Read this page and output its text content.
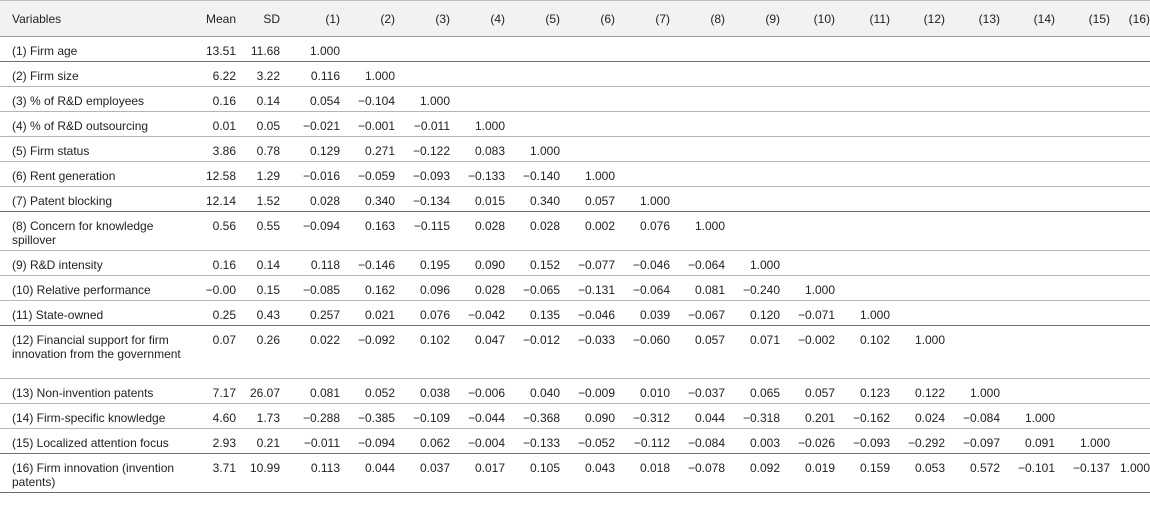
Variables	Mean	SD	(1)	(2)	(3)	(4)	(5)	(6)	(7)	(8)	(9)	(10)	(11)	(12)	(13)	(14)	(15)	(16)
(1) Firm age	13.51	11.68	1.000															
(2) Firm size	6.22	3.22	0.116	1.000														
(3) % of R&D employees	0.16	0.14	0.054	−0.104	1.000													
(4) % of R&D outsourcing	0.01	0.05	−0.021	−0.001	−0.011	1.000												
(5) Firm status	3.86	0.78	0.129	0.271	−0.122	0.083	1.000											
(6) Rent generation	12.58	1.29	−0.016	−0.059	−0.093	−0.133	−0.140	1.000										
(7) Patent blocking	12.14	1.52	0.028	0.340	−0.134	0.015	0.340	0.057	1.000									
(8) Concern for knowledge spillover	0.56	0.55	−0.094	0.163	−0.115	0.028	0.028	0.002	0.076	1.000								
(9) R&D intensity	0.16	0.14	0.118	−0.146	0.195	0.090	0.152	−0.077	−0.046	−0.064	1.000							
(10) Relative performance	−0.00	0.15	−0.085	0.162	0.096	0.028	−0.065	−0.131	−0.064	0.081	−0.240	1.000						
(11) State-owned	0.25	0.43	0.257	0.021	0.076	−0.042	0.135	−0.046	0.039	−0.067	0.120	−0.071	1.000					
(12) Financial support for firm innovation from the government	0.07	0.26	0.022	−0.092	0.102	0.047	−0.012	−0.033	−0.060	0.057	0.071	−0.002	0.102	1.000				
(13) Non-invention patents	7.17	26.07	0.081	0.052	0.038	−0.006	0.040	−0.009	0.010	−0.037	0.065	0.057	0.123	0.122	1.000			
(14) Firm-specific knowledge	4.60	1.73	−0.288	−0.385	−0.109	−0.044	−0.368	0.090	−0.312	0.044	−0.318	0.201	−0.162	0.024	−0.084	1.000		
(15) Localized attention focus	2.93	0.21	−0.011	−0.094	0.062	−0.004	−0.133	−0.052	−0.112	−0.084	0.003	−0.026	−0.093	−0.292	−0.097	0.091	1.000	
(16) Firm innovation (invention patents)	3.71	10.99	0.113	0.044	0.037	0.017	0.105	0.043	0.018	−0.078	0.092	0.019	0.159	0.053	0.572	−0.101	−0.137	1.000
